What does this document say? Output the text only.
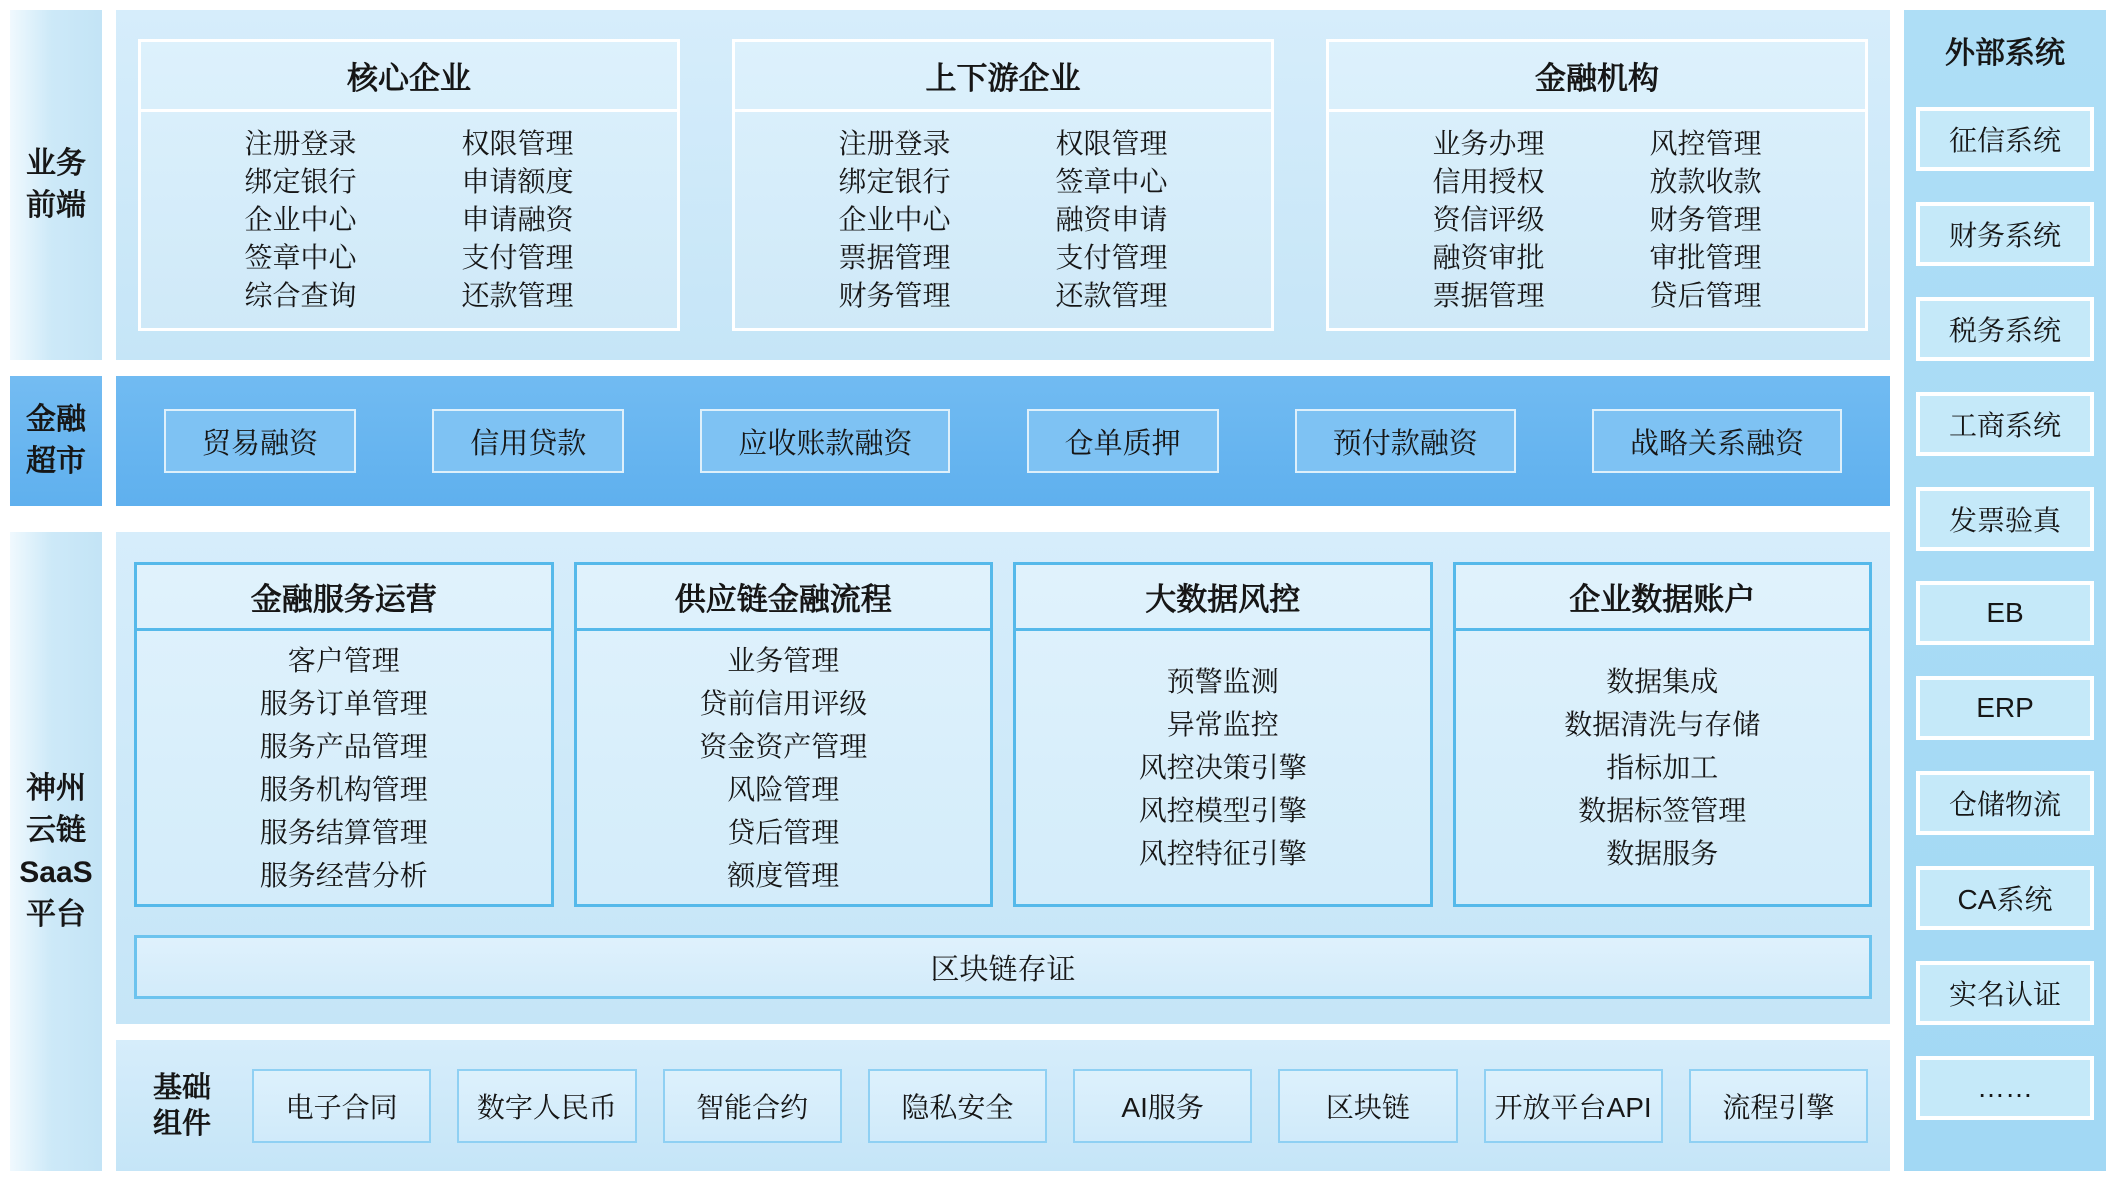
业务
前端
金融
超市
神州
云链
SaaS
平台
核心企业
注册登录
绑定银行
企业中心
签章中心
综合查询
权限管理
申请额度
申请融资
支付管理
还款管理
上下游企业
注册登录
绑定银行
企业中心
票据管理
财务管理
权限管理
签章中心
融资申请
支付管理
还款管理
金融机构
业务办理
信用授权
资信评级
融资审批
票据管理
风控管理
放款收款
财务管理
审批管理
贷后管理
贸易融资	信用贷款	应收账款融资	仓单质押	预付款融资	战略关系融资
金融服务运营
客户管理
服务订单管理
服务产品管理
服务机构管理
服务结算管理
服务经营分析
供应链金融流程
业务管理
贷前信用评级
资金资产管理
风险管理
贷后管理
额度管理
大数据风控
预警监测
异常监控
风控决策引擎
风控模型引擎
风控特征引擎
企业数据账户
数据集成
数据清洗与存储
指标加工
数据标签管理
数据服务
区块链存证
基础
组件
电子合同	数字人民币	智能合约	隐私安全	AI服务	区块链	开放平台API	流程引擎
外部系统
征信系统
财务系统
税务系统
工商系统
发票验真
EB
ERP
仓储物流
CA系统
实名认证
……
